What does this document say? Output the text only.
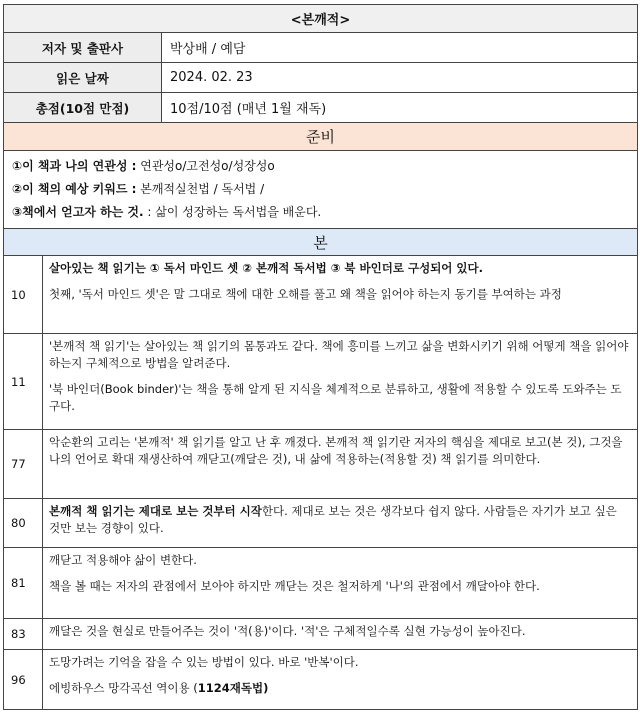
<본깨적>		
저자 및 출판사		박상배 / 예담
읽은 날짜		2024. 02. 23
총점(10점 만점)		10점/10점 (매년 1월 재독)
준비		

①이 책과 나의 연관성 : 연관성o/고전성o/성장성o
②이 책의 예상 키워드 : 본깨적실천법 / 독서법 /
③책에서 얻고자 하는 것. : 삶이 성장하는 독서법을 배운다.		

본		
10	살아있는 책 읽기는 ① 독서 마인드 셋 ② 본깨적 독서법 ③ 북 바인더로 구성되어 있다.

첫째, '독서 마인드 셋'은 말 그대로 책에 대한 오해를 풀고 왜 책을 읽어야 하는지 동기를 부여하는 과정	

11	'본깨적 책 읽기'는 살아있는 책 읽기의 몸통과도 같다. 책에 흥미를 느끼고 삶을 변화시키기 위해 어떻게 책을 읽어야 하는지 구체적으로 방법을 알려준다.

'북 바인더(Book binder)'는 책을 통해 알게 된 지식을 체계적으로 분류하고, 생활에 적용할 수 있도록 도와주는 도구다.	

77	악순환의 고리는 '본깨적' 책 읽기를 알고 난 후 깨졌다. 본깨적 책 읽기란 저자의 핵심을 제대로 보고(본 것), 그것을 나의 언어로 확대 재생산하여 깨닫고(깨달은 것), 내 삶에 적용하는(적용할 것) 책 읽기를 의미한다.	

80	본깨적 책 읽기는 제대로 보는 것부터 시작한다. 제대로 보는 것은 생각보다 쉽지 않다. 사람들은 자기가 보고 싶은 것만 보는 경향이 있다.	

81	깨닫고 적용해야 삶이 변한다.

책을 볼 때는 저자의 관점에서 보아야 하지만 깨닫는 것은 철저하게 '나'의 관점에서 깨달아야 한다.	

83	깨달은 것을 현실로 만들어주는 것이 '적(용)'이다. '적'은 구체적일수록 실현 가능성이 높아진다.	

96	도망가려는 기억을 잡을 수 있는 방법이 있다. 바로 '반복'이다.

에빙하우스 망각곡선 역이용 (1124재독법)	
